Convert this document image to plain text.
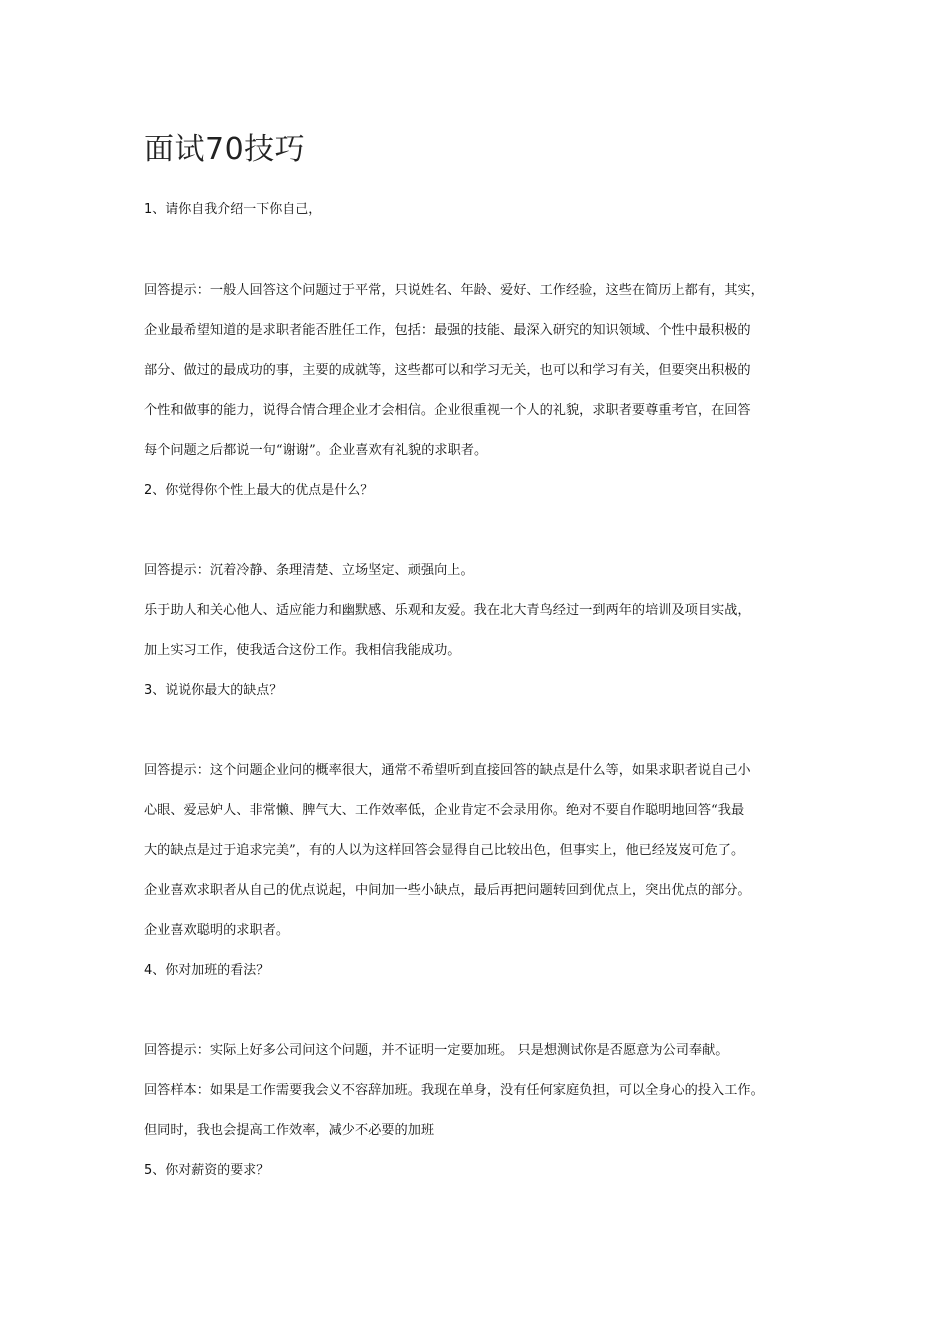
面试70技巧

1、请你自我介绍一下你自己，

回答提示：一般人回答这个问题过于平常，只说姓名、年龄、爱好、工作经验，这些在简历上都有，其实，

企业最希望知道的是求职者能否胜任工作，包括：最强的技能、最深入研究的知识领域、个性中最积极的

部分、做过的最成功的事，主要的成就等，这些都可以和学习无关，也可以和学习有关，但要突出积极的

个性和做事的能力，说得合情合理企业才会相信。企业很重视一个人的礼貌，求职者要尊重考官，在回答

每个问题之后都说一句“谢谢”。企业喜欢有礼貌的求职者。

2、你觉得你个性上最大的优点是什么？

回答提示：沉着冷静、条理清楚、立场坚定、顽强向上。

乐于助人和关心他人、适应能力和幽默感、乐观和友爱。我在北大青鸟经过一到两年的培训及项目实战，

加上实习工作，使我适合这份工作。我相信我能成功。

3、说说你最大的缺点？

回答提示：这个问题企业问的概率很大，通常不希望听到直接回答的缺点是什么等，如果求职者说自己小

心眼、爱忌妒人、非常懒、脾气大、工作效率低，企业肯定不会录用你。绝对不要自作聪明地回答“我最

大的缺点是过于追求完美”，有的人以为这样回答会显得自己比较出色，但事实上，他已经岌岌可危了。

企业喜欢求职者从自己的优点说起，中间加一些小缺点，最后再把问题转回到优点上，突出优点的部分。

企业喜欢聪明的求职者。

4、你对加班的看法？

回答提示：实际上好多公司问这个问题，并不证明一定要加班。 只是想测试你是否愿意为公司奉献。

回答样本：如果是工作需要我会义不容辞加班。我现在单身，没有任何家庭负担，可以全身心的投入工作。

但同时，我也会提高工作效率，减少不必要的加班

5、你对薪资的要求？
